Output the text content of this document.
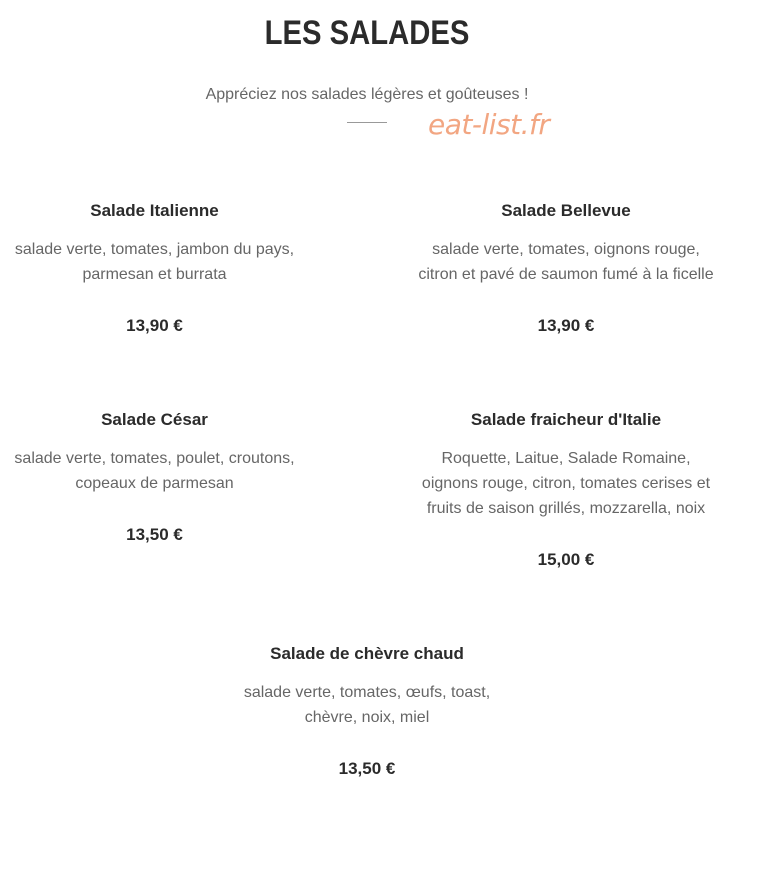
LES SALADES

Appréciez nos salades légères et goûteuses !

eat-list.fr
Salade Italienne
salade verte, tomates, jambon du pays,
parmesan et burrata
13,90 €
Salade Bellevue
salade verte, tomates, oignons rouge,
citron et pavé de saumon fumé à la ficelle
13,90 €
Salade César
salade verte, tomates, poulet, croutons,
copeaux de parmesan
13,50 €
Salade fraicheur d'Italie
Roquette, Laitue, Salade Romaine,
oignons rouge, citron, tomates cerises et
fruits de saison grillés, mozzarella, noix
15,00 €
Salade de chèvre chaud
salade verte, tomates, œufs, toast,
chèvre, noix, miel
13,50 €
